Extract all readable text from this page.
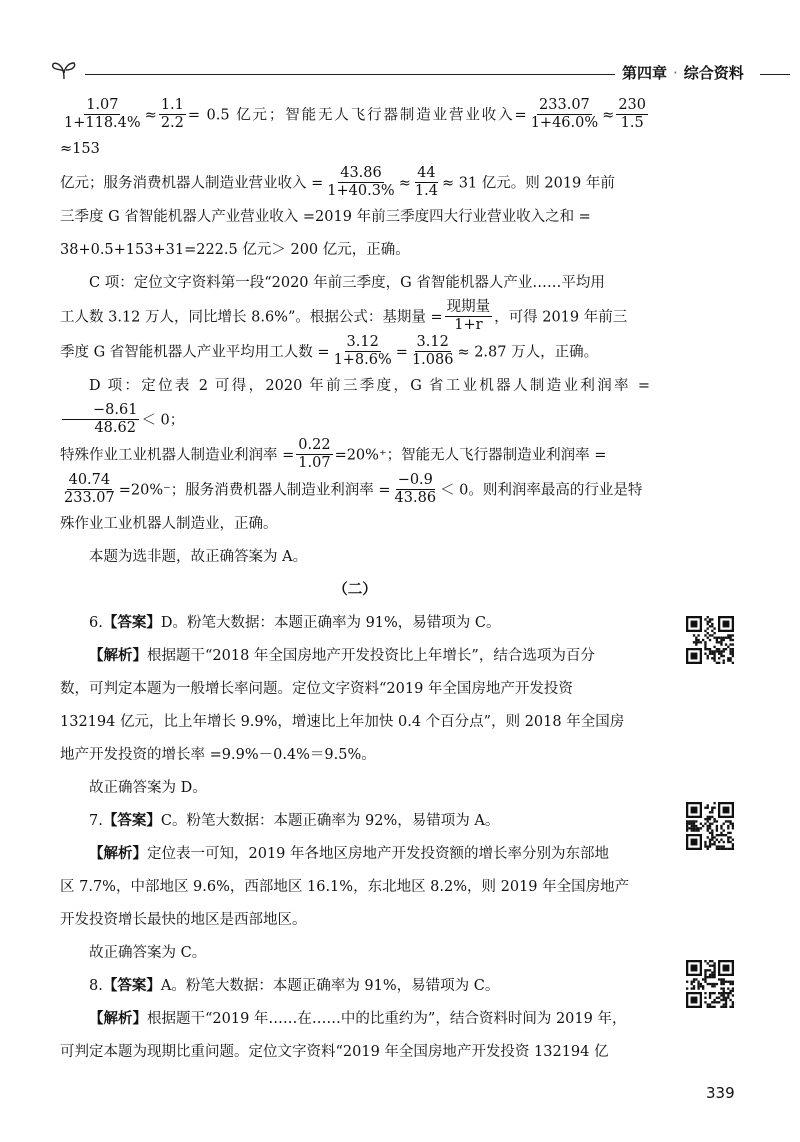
第四章 · 综合资料

$\frac{1.07}{1+118.4\%} \approx \frac{1.1}{2.2} = 0.5$ 亿元；智能无人飞行器制造业营业收入= $\frac{233.07}{1+46.0\%} \approx \frac{230}{1.5}$
≈153

亿元；服务消费机器人制造业营业收入 = $\frac{43.86}{1+40.3\%} \approx \frac{44}{1.4} \approx 31$ 亿元。则 2019 年前

三季度 G 省智能机器人产业营业收入 =2019 年前三季度四大行业营业收入之和 =

38+0.5+153+31=222.5 亿元＞ 200 亿元，正确。

C 项：定位文字资料第一段“2020 年前三季度，G 省智能机器人产业……平均用

工人数 3.12 万人，同比增长 8.6%”。根据公式：基期量 = $\frac{\text{现期量}}{1+r}$ ，可得 2019 年前三

季度 G 省智能机器人产业平均用工人数 = $\frac{3.12}{1+8.6\%} = \frac{3.12}{1.086} \approx 2.87$ 万人，正确。

D 项：定位表 2 可得，2020 年前三季度，G 省工业机器人制造业利润率 =
$\frac{-8.61}{48.62} < 0$；

特殊作业工业机器人制造业利润率 = $\frac{0.22}{1.07} =20\%^+$；智能无人飞行器制造业利润率 =

$\frac{40.74}{233.07} =20\%^-$；服务消费机器人制造业利润率 = $\frac{-0.9}{43.86} < 0$。则利润率最高的行业是特

殊作业工业机器人制造业，正确。

本题为选非题，故正确答案为 A。

（二）

6.【答案】D。粉笔大数据：本题正确率为 91%，易错项为 C。

【解析】根据题干“2018 年全国房地产开发投资比上年增长”，结合选项为百分

数，可判定本题为一般增长率问题。定位文字资料“2019 年全国房地产开发投资

132194 亿元，比上年增长 9.9%，增速比上年加快 0.4 个百分点”，则 2018 年全国房

地产开发投资的增长率 =9.9%－0.4%＝9.5%。

故正确答案为 D。

7.【答案】C。粉笔大数据：本题正确率为 92%，易错项为 A。

【解析】定位表一可知，2019 年各地区房地产开发投资额的增长率分别为东部地

区 7.7%，中部地区 9.6%，西部地区 16.1%，东北地区 8.2%，则 2019 年全国房地产

开发投资增长最快的地区是西部地区。

故正确答案为 C。

8.【答案】A。粉笔大数据：本题正确率为 91%，易错项为 C。

【解析】根据题干“2019 年……在……中的比重约为”，结合资料时间为 2019 年，

可判定本题为现期比重问题。定位文字资料“2019 年全国房地产开发投资 132194 亿

339
